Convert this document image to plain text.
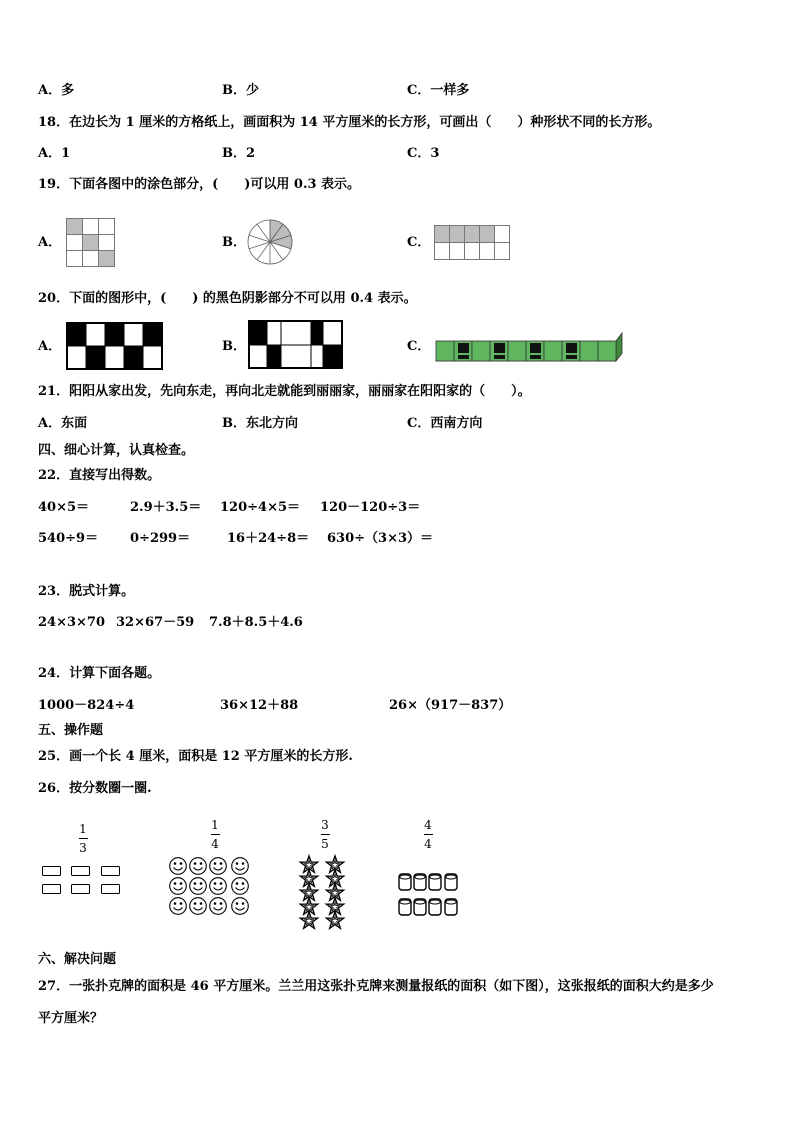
A．多	B．少	C．一样多
18．在边长为 1 厘米的方格纸上，画面积为 14 平方厘米的长方形，可画出（　　）种形状不同的长方形。
A．1	B．2	C．3
19．下面各图中的涂色部分，(　　)可以用 0.3 表示。
A．	B．	C．
20．下面的图形中，(　　) 的黑色阴影部分不可以用 0.4 表示。
A．	B．	C．
21．阳阳从家出发，先向东走，再向北走就能到丽丽家，丽丽家在阳阳家的（　　）。
A．东面	B．东北方向	C．西南方向
四、细心计算，认真检查。
22．直接写出得数。
40×5＝	2.9＋3.5＝ 120÷4×5＝ 120－120÷3＝
540÷9＝ 0÷299＝	16＋24÷8＝ 630÷（3×3）＝
23．脱式计算。
24×3×70 32×67－59 7.8＋8.5＋4.6
24．计算下面各题。
1000－824÷4	36×12＋88	26×（917－837）
五、操作题
25．画一个长 4 厘米，面积是 12 平方厘米的长方形.
26．按分数圈一圈.
1
3
1
4
3
5
4
4
六、解决问题
27．一张扑克牌的面积是 46 平方厘米。兰兰用这张扑克牌来测量报纸的面积（如下图），这张报纸的面积大约是多少
平方厘米？
